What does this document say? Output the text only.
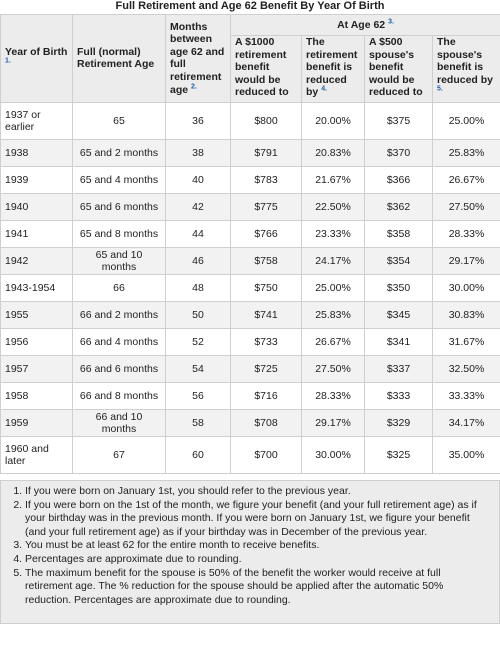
Full Retirement and Age 62 Benefit By Year Of Birth
Year of Birth $^{1.}$	Full (normal) Retirement Age	Months between age 62 and full retirement age $^{2.}$	At Age 62 $^{3.}$
			A $1000 retirement benefit would be reduced to	The retirement benefit is reduced by $^{4.}$	A $500 spouse's benefit would be reduced to	The spouse's benefit is reduced by $^{5.}$
1937 or earlier	65	36	$800	20.00%	$375	25.00%
1938	65 and 2 months	38	$791	20.83%	$370	25.83%
1939	65 and 4 months	40	$783	21.67%	$366	26.67%
1940	65 and 6 months	42	$775	22.50%	$362	27.50%
1941	65 and 8 months	44	$766	23.33%	$358	28.33%
1942	65 and 10 months	46	$758	24.17%	$354	29.17%
1943-1954	66	48	$750	25.00%	$350	30.00%
1955	66 and 2 months	50	$741	25.83%	$345	30.83%
1956	66 and 4 months	52	$733	26.67%	$341	31.67%
1957	66 and 6 months	54	$725	27.50%	$337	32.50%
1958	66 and 8 months	56	$716	28.33%	$333	33.33%
1959	66 and 10 months	58	$708	29.17%	$329	34.17%
1960 and later	67	60	$700	30.00%	$325	35.00%
1. If you were born on January 1st, you should refer to the previous year.
2. If you were born on the 1st of the month, we figure your benefit (and your full retirement age) as if your birthday was in the previous month. If you were born on January 1st, we figure your benefit (and your full retirement age) as if your birthday was in December of the previous year.
3. You must be at least 62 for the entire month to receive benefits.
4. Percentages are approximate due to rounding.
5. The maximum benefit for the spouse is 50% of the benefit the worker would receive at full retirement age. The % reduction for the spouse should be applied after the automatic 50% reduction. Percentages are approximate due to rounding.
